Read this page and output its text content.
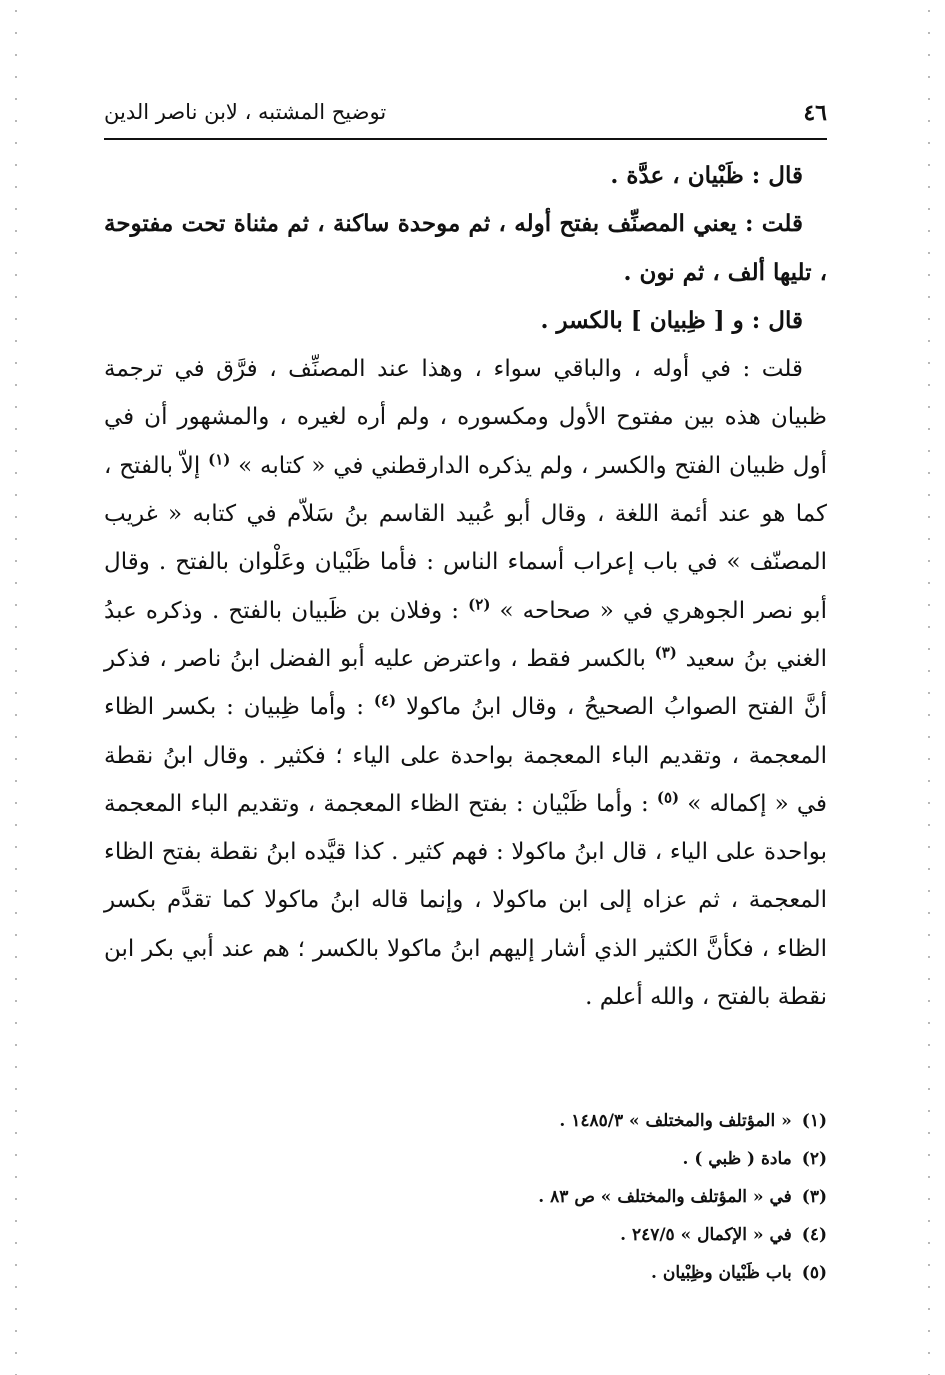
٤٦
توضيح المشتبه ، لابن ناصر الدين

قال : ظَبْيان ، عدَّة .

قلت : يعني المصنِّف بفتح أوله ، ثم موحدة ساكنة ، ثم مثناة تحت مفتوحة ، تليها ألف ، ثم نون .

قال : و [ ظِبيان ] بالكسر .

قلت : في أوله ، والباقي سواء ، وهذا عند المصنِّف ، فرَّق في ترجمة ظبيان هذه بين مفتوح الأول ومكسوره ، ولم أره لغيره ، والمشهور أن في أول ظبيان الفتح والكسر ، ولم يذكره الدارقطني في « كتابه » $^{(١)}$ إلاّ بالفتح ، كما هو عند أئمة اللغة ، وقال أبو عُبيد القاسم بنُ سَلاّم في كتابه « غريب المصنّف » في باب إعراب أسماء الناس : فأما ظَبْيان وعَلْوان بالفتح . وقال أبو نصر الجوهري في « صحاحه » $^{(٢)}$ : وفلان بن ظَبيان بالفتح . وذكره عبدُ الغني بنُ سعيد $^{(٣)}$ بالكسر فقط ، واعترض عليه أبو الفضل ابنُ ناصر ، فذكر أنَّ الفتح الصوابُ الصحيحُ ، وقال ابنُ ماكولا $^{(٤)}$ : وأما ظِبيان : بكسر الظاء المعجمة ، وتقديم الباء المعجمة بواحدة على الياء ؛ فكثير . وقال ابنُ نقطة في « إكماله » $^{(٥)}$ : وأما ظَبْيان : بفتح الظاء المعجمة ، وتقديم الباء المعجمة بواحدة على الياء ، قال ابنُ ماكولا : فهم كثير . كذا قيَّده ابنُ نقطة بفتح الظاء المعجمة ، ثم عزاه إلى ابن ماكولا ، وإنما قاله ابنُ ماكولا كما تقدَّم بكسر الظاء ، فكأنَّ الكثير الذي أشار إليهم ابنُ ماكولا بالكسر ؛ هم عند أبي بكر ابن نقطة بالفتح ، والله أعلم .

(١)« المؤتلف والمختلف » ١٤٨٥/٣ .
(٢)مادة ( ظبي ) .
(٣)في « المؤتلف والمختلف » ص ٨٣ .
(٤)في « الإكمال » ٢٤٧/٥ .
(٥)باب ظَبْيان وظِبْيان .
